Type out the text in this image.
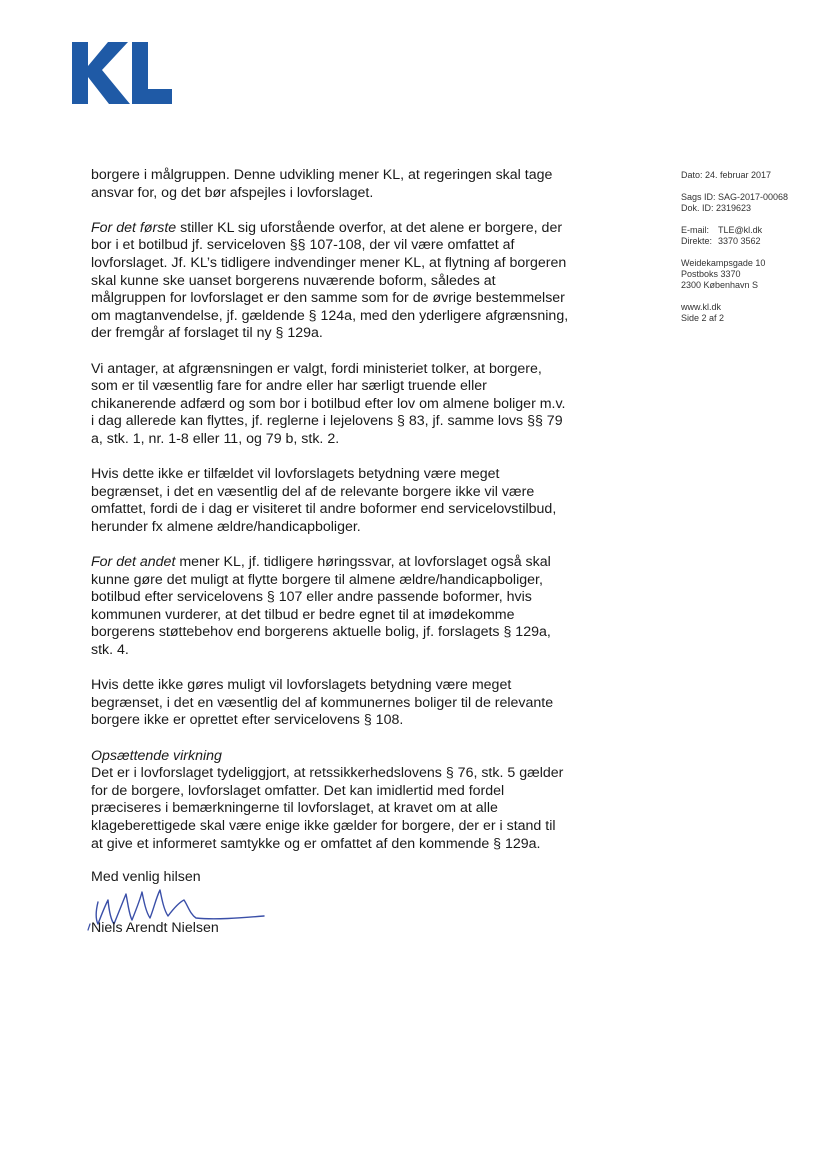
borgere i målgruppen. Denne udvikling mener KL, at regeringen skal tage ansvar for, og det bør afspejles i lovforslaget.

For det første stiller KL sig uforstående overfor, at det alene er borgere, der bor i et botilbud jf. serviceloven §§ 107-108, der vil være omfattet af lovforslaget. Jf. KL’s tidligere indvendinger mener KL, at flytning af borgeren skal kunne ske uanset borgerens nuværende boform, således at målgruppen for lovforslaget er den samme som for de øvrige bestemmelser om magtanvendelse, jf. gældende § 124a, med den yderligere afgrænsning, der fremgår af forslaget til ny § 129a.

Vi antager, at afgrænsningen er valgt, fordi ministeriet tolker, at borgere, som er til væsentlig fare for andre eller har særligt truende eller chikanerende adfærd og som bor i botilbud efter lov om almene boliger m.v. i dag allerede kan flyttes, jf. reglerne i lejelovens § 83, jf. samme lovs §§ 79 a, stk. 1, nr. 1-8 eller 11, og 79 b, stk. 2.

Hvis dette ikke er tilfældet vil lovforslagets betydning være meget begrænset, i det en væsentlig del af de relevante borgere ikke vil være omfattet, fordi de i dag er visiteret til andre boformer end servicelovstilbud, herunder fx almene ældre/handicapboliger.

For det andet mener KL, jf. tidligere høringssvar, at lovforslaget også skal kunne gøre det muligt at flytte borgere til almene ældre/handicapboliger, botilbud efter servicelovens § 107 eller andre passende boformer, hvis kommunen vurderer, at det tilbud er bedre egnet til at imødekomme borgerens støttebehov end borgerens aktuelle bolig, jf. forslagets § 129a, stk. 4.

Hvis dette ikke gøres muligt vil lovforslagets betydning være meget begrænset, i det en væsentlig del af kommunernes boliger til de relevante borgere ikke er oprettet efter servicelovens § 108.

Opsættende virkning
Det er i lovforslaget tydeliggjort, at retssikkerhedslovens § 76, stk. 5 gælder for de borgere, lovforslaget omfatter. Det kan imidlertid med fordel præciseres i bemærkningerne til lovforslaget, at kravet om at alle klageberettigede skal være enige ikke gælder for borgere, der er i stand til at give et informeret samtykke og er omfattet af den kommende § 129a.

Dato: 24. februar 2017
Sags ID: SAG-2017-00068
Dok. ID: 2319623
E-mail: TLE@kl.dk
Direkte: 3370 3562
Weidekampsgade 10
Postboks 3370
2300 København S
www.kl.dk
Side 2 af 2
Med venlig hilsen
Niels Arendt Nielsen
